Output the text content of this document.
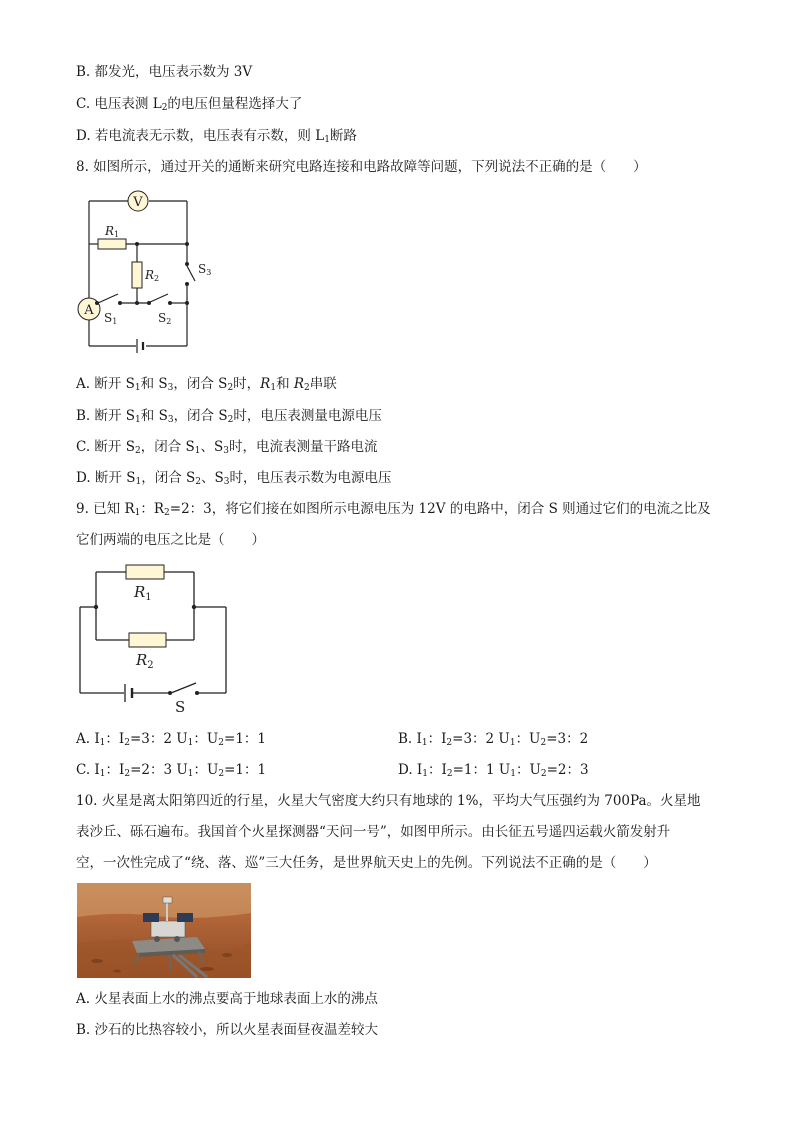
B. 都发光，电压表示数为 3V
C. 电压表测 $L_2$的电压但量程选择大了
D. 若电流表无示数，电压表有示数，则 $L_1$断路
8. 如图所示，通过开关的通断来研究电路连接和电路故障等问题，下列说法不正确的是（　　）
V
A
R1
R2
S3
S1	S2
A. 断开 $S_1$和 $S_3$，闭合 $S_2$时，$R_1$和 $R_2$串联
B. 断开 $S_1$和 $S_3$，闭合 $S_2$时，电压表测量电源电压
C. 断开 $S_2$，闭合 $S_1$、$S_3$时，电流表测量干路电流
D. 断开 $S_1$，闭合 $S_2$、$S_3$时，电压表示数为电源电压
9. 已知 $R_1$：$R_2=2$：3，将它们接在如图所示电源电压为 12V 的电路中，闭合 S 则通过它们的电流之比及
它们两端的电压之比是（　　）
$R_1$
$R_2$
S
A. $I_1$：$I_2=3$：2 $U_1$：$U_2=1$：1	B. $I_1$：$I_2=3$：2 $U_1$：$U_2=3$：2
C. $I_1$：$I_2=2$：3 $U_1$：$U_2=1$：1	D. $I_1$：$I_2=1$：1 $U_1$：$U_2=2$：3
10. 火星是离太阳第四近的行星，火星大气密度大约只有地球的 1%，平均大气压强约为 700Pa。火星地
表沙丘、砾石遍布。我国首个火星探测器“天问一号”，如图甲所示。由长征五号遥四运载火箭发射升
空，一次性完成了“绕、落、巡”三大任务，是世界航天史上的先例。下列说法不正确的是（　　）
A. 火星表面上水的沸点要高于地球表面上水的沸点
B. 沙石的比热容较小，所以火星表面昼夜温差较大
